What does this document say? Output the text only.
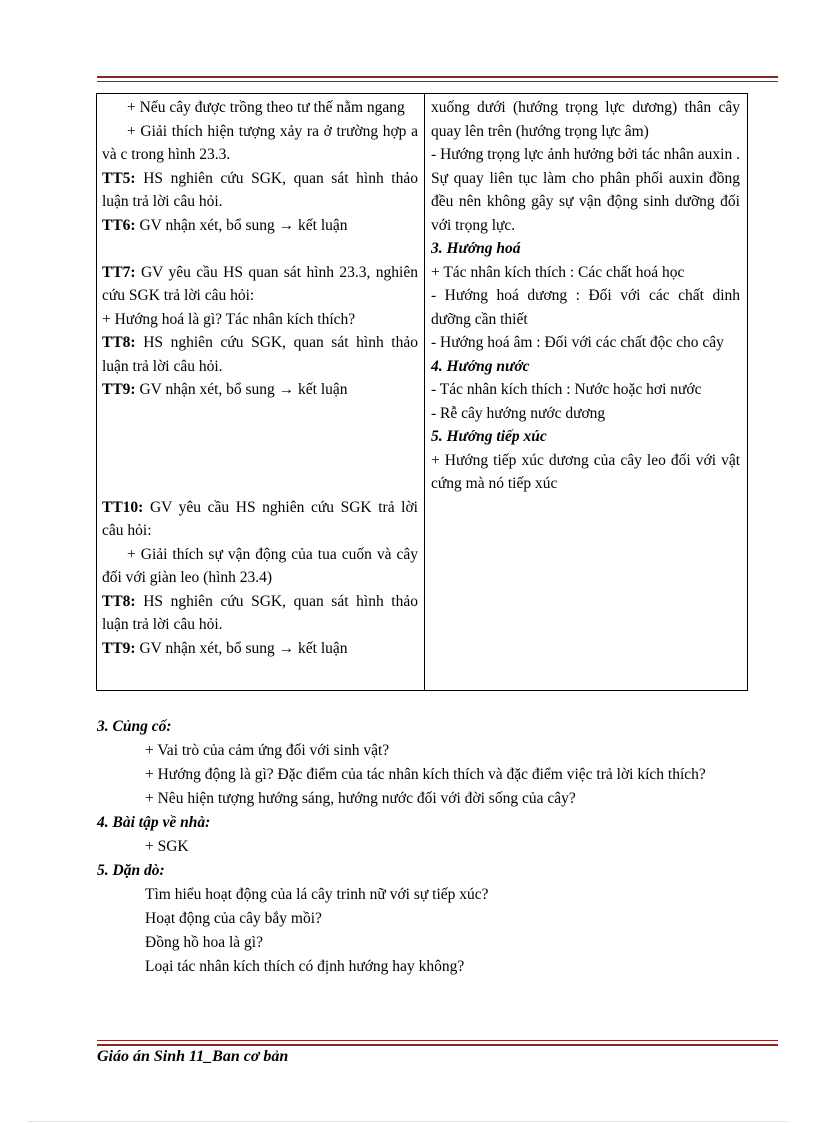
+ Nếu cây được trồng theo tư thế nằm ngang

+ Giải thích hiện tượng xảy ra ở trường hợp a và c trong hình 23.3.

TT5: HS nghiên cứu SGK, quan sát hình thảo luận trả lời câu hỏi.

TT6: GV nhận xét, bổ sung → kết luận

TT7: GV yêu cầu HS quan sát hình 23.3, nghiên cứu SGK trả lời câu hỏi:

+ Hướng hoá là gì? Tác nhân kích thích?

TT8: HS nghiên cứu SGK, quan sát hình thảo luận trả lời câu hỏi.

TT9: GV nhận xét, bổ sung → kết luận

TT10: GV yêu cầu HS nghiên cứu SGK trả lời câu hỏi:

+ Giải thích sự vận động của tua cuốn và cây đối với giàn leo (hình 23.4)

TT8: HS nghiên cứu SGK, quan sát hình thảo luận trả lời câu hỏi.

TT9: GV nhận xét, bổ sung → kết luận

xuống dưới (hướng trọng lực dương) thân cây quay lên trên (hướng trọng lực âm)

- Hướng trọng lực ảnh hưởng bởi tác nhân auxin . Sự quay liên tục làm cho phân phối auxin đồng đều nên không gây sự vận động sinh dưỡng đối với trọng lực.

3. Hướng hoá

+ Tác nhân kích thích : Các chất hoá học

- Hướng hoá dương : Đối với các chất dinh dưỡng cần thiết

- Hướng hoá âm : Đối với các chất độc cho cây

4. Hướng nước

- Tác nhân kích thích : Nước hoặc hơi nước

- Rễ cây hướng nước dương

5. Hướng tiếp xúc

+ Hướng tiếp xúc dương của cây leo đối với vật cứng mà nó tiếp xúc

3. Củng cố:
+ Vai trò của cảm ứng đối với sinh vật?
+ Hướng động là gì? Đặc điểm của tác nhân kích thích và đặc điểm việc trả lời kích thích?
+ Nêu hiện tượng hướng sáng, hướng nước đối với đời sống của cây?
4. Bài tập về nhà:
+ SGK
5. Dặn dò:
Tìm hiểu hoạt động của lá cây trinh nữ với sự tiếp xúc?
Hoạt động của cây bắy mồi?
Đồng hồ hoa là gì?
Loại tác nhân kích thích có định hướng hay không?
Giáo án Sinh 11_Ban cơ bản
